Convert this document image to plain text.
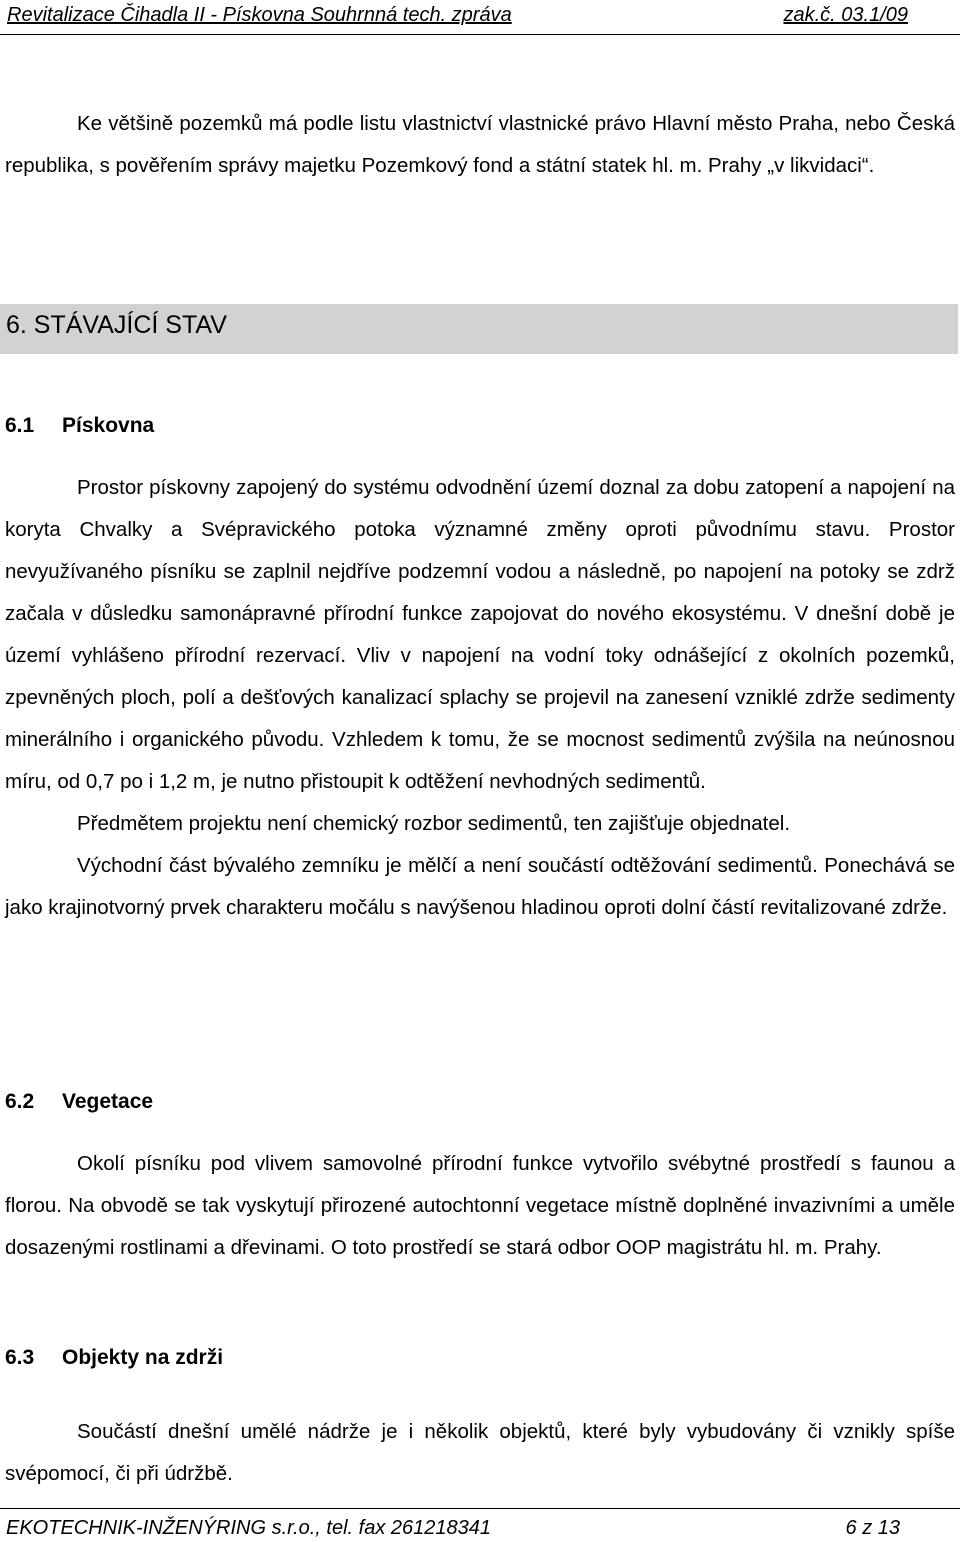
Revitalizace Čihadla II - Pískovna Souhrnná tech. zpráva	zak.č. 03.1/09

Ke většině pozemků má podle listu vlastnictví vlastnické právo Hlavní město Praha, nebo Česká republika, s pověřením správy majetku Pozemkový fond a státní statek hl. m. Prahy „v likvidaci“.

6. STÁVAJÍCÍ STAV
6.1 Pískovna

Prostor pískovny zapojený do systému odvodnění území doznal za dobu zatopení a napojení na koryta Chvalky a Svépravického potoka významné změny oproti původnímu stavu. Prostor nevyužívaného písníku se zaplnil nejdříve podzemní vodou a následně, po napojení na potoky se zdrž začala v důsledku samonápravné přírodní funkce zapojovat do nového ekosystému. V dnešní době je území vyhlášeno přírodní rezervací. Vliv v napojení na vodní toky odnášející z okolních pozemků, zpevněných ploch, polí a dešťových kanalizací splachy se projevil na zanesení vzniklé zdrže sedimenty minerálního i organického původu. Vzhledem k tomu, že se mocnost sedimentů zvýšila na neúnosnou míru, od 0,7 po i 1,2 m, je nutno přistoupit k odtěžení nevhodných sedimentů.

Předmětem projektu není chemický rozbor sedimentů, ten zajišťuje objednatel.

Východní část bývalého zemníku je mělčí a není součástí odtěžování sedimentů. Ponechává se jako krajinotvorný prvek charakteru močálu s navýšenou hladinou oproti dolní částí revitalizované zdrže.

6.2 Vegetace

Okolí písníku pod vlivem samovolné přírodní funkce vytvořilo svébytné prostředí s faunou a florou. Na obvodě se tak vyskytují přirozené autochtonní vegetace místně doplněné invazivními a uměle dosazenými rostlinami a dřevinami. O toto prostředí se stará odbor OOP magistrátu hl. m. Prahy.

6.3 Objekty na zdrži

Součástí dnešní umělé nádrže je i několik objektů, které byly vybudovány či vznikly spíše svépomocí, či při údržbě.

EKOTECHNIK-INŽENÝRING s.r.o., tel. fax 261218341	6 z 13
